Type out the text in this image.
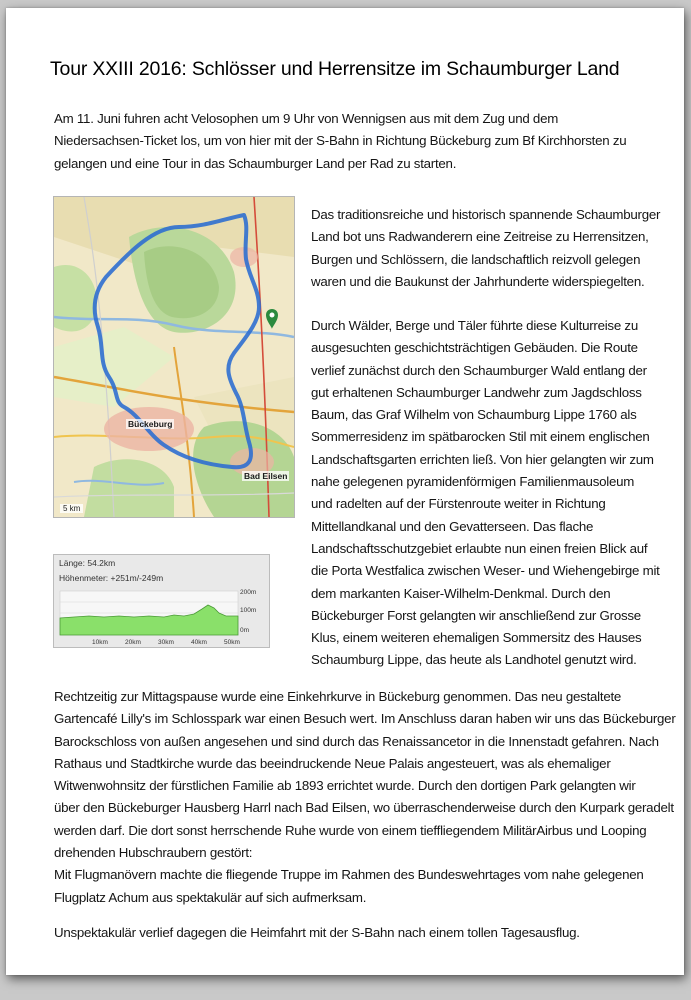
Tour XXIII 2016: Schlösser und Herrensitze im Schaumburger Land

Am 11. Juni fuhren acht Velosophen um 9 Uhr von Wennigsen aus mit dem Zug und dem
Niedersachsen-Ticket los, um von hier mit der S-Bahn in Richtung Bückeburg zum Bf Kirchhorsten zu
gelangen und eine Tour in das Schaumburger Land per Rad zu starten.

Bückeburg
Bad Eilsen
5 km
200m
100m
0m
10km	20km	30km	40km	50km
Länge: 54.2km
Höhenmeter: +251m/-249m

Das traditionsreiche und historisch spannende Schaumburger
Land bot uns Radwanderern eine Zeitreise zu Herrensitzen,
Burgen und Schlössern, die landschaftlich reizvoll gelegen
waren und die Baukunst der Jahrhunderte widerspiegelten.

Durch Wälder, Berge und Täler führte diese Kulturreise zu
ausgesuchten geschichtsträchtigen Gebäuden. Die Route
verlief zunächst durch den Schaumburger Wald entlang der
gut erhaltenen Schaumburger Landwehr zum Jagdschloss
Baum, das Graf Wilhelm von Schaumburg Lippe 1760 als
Sommerresidenz im spätbarocken Stil mit einem englischen
Landschaftsgarten errichten ließ. Von hier gelangten wir zum
nahe gelegenen pyramidenförmigen Familienmausoleum
und radelten auf der Fürstenroute weiter in Richtung
Mittellandkanal und den Gevatterseen. Das flache
Landschaftsschutzgebiet erlaubte nun einen freien Blick auf
die Porta Westfalica zwischen Weser- und Wiehengebirge mit
dem markanten Kaiser-Wilhelm-Denkmal. Durch den
Bückeburger Forst gelangten wir anschließend zur Grosse
Klus, einem weiteren ehemaligen Sommersitz des Hauses
Schaumburg Lippe, das heute als Landhotel genutzt wird.

Rechtzeitig zur Mittagspause wurde eine Einkehrkurve in Bückeburg genommen. Das neu gestaltete
Gartencafé Lilly's im Schlosspark war einen Besuch wert. Im Anschluss daran haben wir uns das Bückeburger
Barockschloss von außen angesehen und sind durch das Renaissancetor in die Innenstadt gefahren. Nach
Rathaus und Stadtkirche wurde das beeindruckende Neue Palais angesteuert, was als ehemaliger
Witwenwohnsitz der fürstlichen Familie ab 1893 errichtet wurde. Durch den dortigen Park gelangten wir
über den Bückeburger Hausberg Harrl nach Bad Eilsen, wo überraschenderweise durch den Kurpark geradelt
werden darf. Die dort sonst herrschende Ruhe wurde von einem tieffliegendem MilitärAirbus und Looping
drehenden Hubschraubern gestört:
Mit Flugmanövern machte die fliegende Truppe im Rahmen des Bundeswehrtages vom nahe gelegenen
Flugplatz Achum aus spektakulär auf sich aufmerksam.

Unspektakulär verlief dagegen die Heimfahrt mit der S-Bahn nach einem tollen Tagesausflug.
